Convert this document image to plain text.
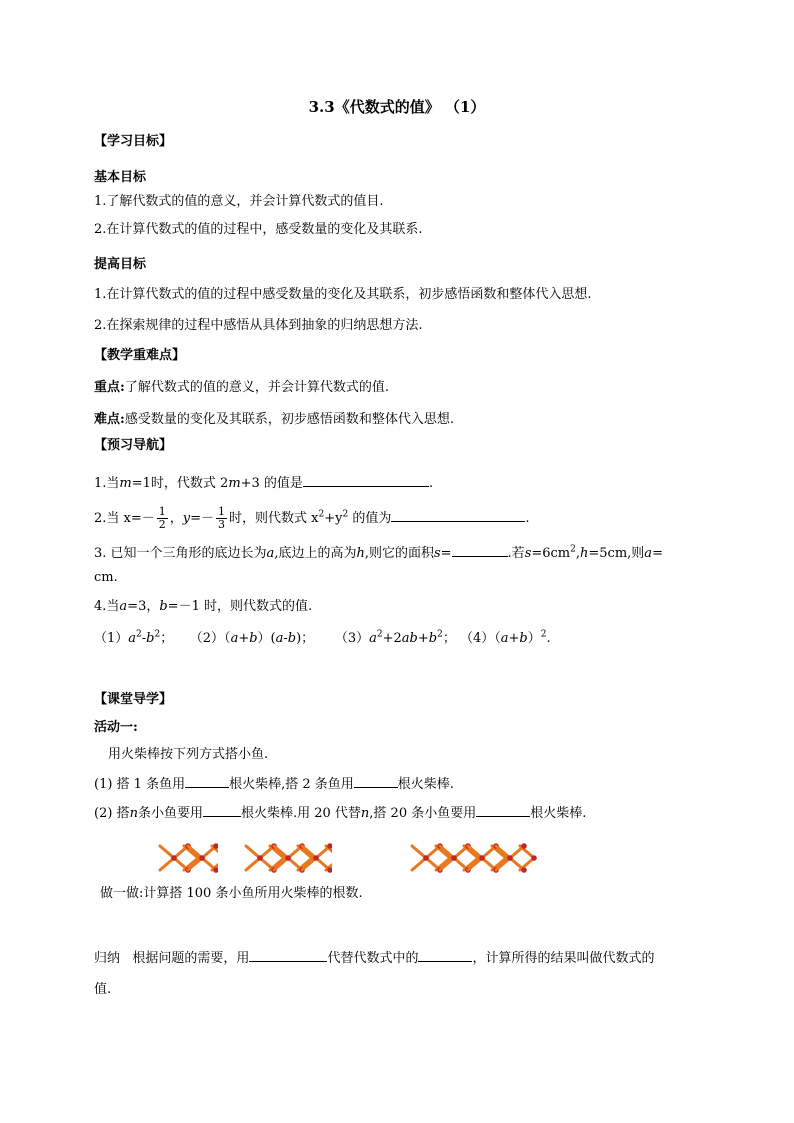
3.3《代数式的值》 （1）
【学习目标】
基本目标
1.了解代数式的值的意义，并会计算代数式的值目.
2.在计算代数式的值的过程中，感受数量的变化及其联系.
提高目标
1.在计算代数式的值的过程中感受数量的变化及其联系，初步感悟函数和整体代入思想.
2.在探索规律的过程中感悟从具体到抽象的归纳思想方法.
【教学重难点】
重点:了解代数式的值的意义，并会计算代数式的值.
难点:感受数量的变化及其联系，初步感悟函数和整体代入思想.
【预习导航】
1.当m=1时，代数式 2m+3 的值是	.
2.当 $x=- \frac{1}{2}$ ，$y=- \frac{1}{3}$ 时，则代数式 $x^2+y^2$ 的值为	.
3. 已知一个三角形的底边长为a,底边上的高为h,则它的面积s=	.若$s=6cm^2,h=5cm$,则a=
cm.
4.当a=3，b=－1 时，则代数式的值.
$(1)a^2-b^2$； （2）（a+b）(a-b)； $(3)a^2+2ab+b^2$； $(4)(a+b)^2$.
【课堂导学】
活动一:
用火柴棒按下列方式搭小鱼.
(1) 搭 1 条鱼用	根火柴棒,搭 2 条鱼用	根火柴棒.
(2) 搭n条小鱼要用	根火柴棒.用 20 代替n,搭 20 条小鱼要用	根火柴棒.
做一做:计算搭 100 条小鱼所用火柴棒的根数.
归纳 根据问题的需要，用	代替代数式中的	，计算所得的结果叫做代数式的
值.
